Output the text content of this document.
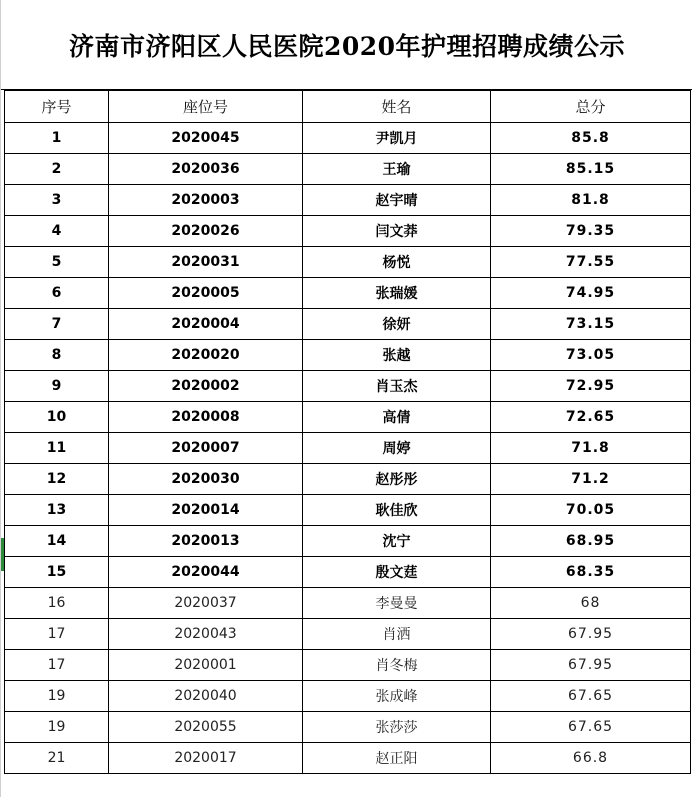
济南市济阳区人民医院2020年护理招聘成绩公示
序号	座位号	姓名	总分
1	2020045	尹凯月	85.8
2	2020036	王瑜	85.15
3	2020003	赵宇晴	81.8
4	2020026	闫文莽	79.35
5	2020031	杨悦	77.55
6	2020005	张瑞媛	74.95
7	2020004	徐妍	73.15
8	2020020	张越	73.05
9	2020002	肖玉杰	72.95
10	2020008	高倩	72.65
11	2020007	周婷	71.8
12	2020030	赵彤彤	71.2
13	2020014	耿佳欣	70.05
14	2020013	沈宁	68.95
15	2020044	殷文莛	68.35
16	2020037	李曼曼	68
17	2020043	肖洒	67.95
17	2020001	肖冬梅	67.95
19	2020040	张成峰	67.65
19	2020055	张莎莎	67.65
21	2020017	赵正阳	66.8
